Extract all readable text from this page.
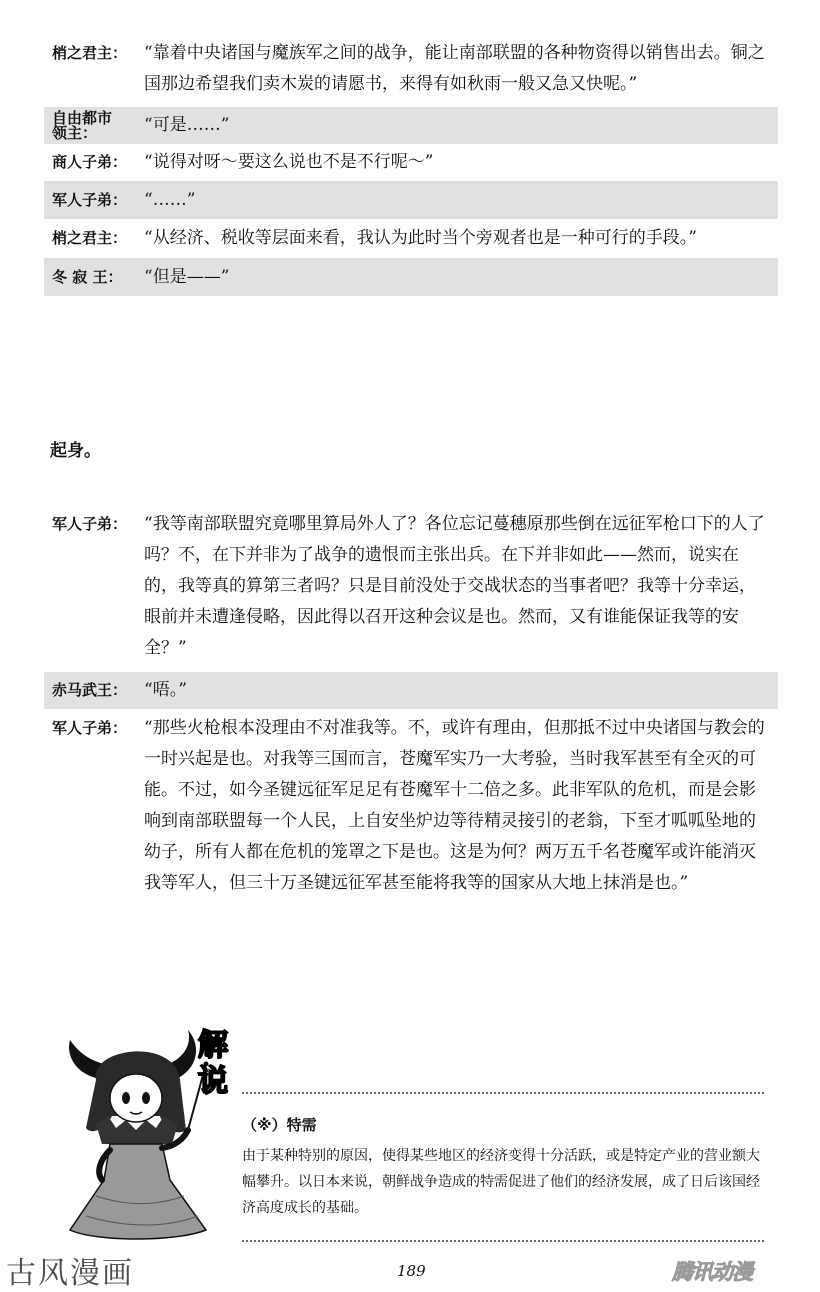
梢之君主： “靠着中央诸国与魔族军之间的战争，能让南部联盟的各种物资得以销售出去。铜之国那边希望我们卖木炭的请愿书，来得有如秋雨一般又急又快呢。”
自由都市
领主：	“可是……”
商人子弟： “说得对呀～要这么说也不是不行呢～”
军人子弟： “……”
梢之君主： “从经济、税收等层面来看，我认为此时当个旁观者也是一种可行的手段。”
冬 寂 王：	“但是——”
起身。
军人子弟： “我等南部联盟究竟哪里算局外人了？各位忘记蔓穗原那些倒在远征军枪口下的人了吗？不，在下并非为了战争的遗恨而主张出兵。在下并非如此——然而，说实在的，我等真的算第三者吗？只是目前没处于交战状态的当事者吧？我等十分幸运，眼前并未遭逢侵略，因此得以召开这种会议是也。然而，又有谁能保证我等的安全？”
赤马武王： “唔。”
军人子弟： “那些火枪根本没理由不对准我等。不，或许有理由，但那抵不过中央诸国与教会的一时兴起是也。对我等三国而言，苍魔军实乃一大考验，当时我军甚至有全灭的可能。不过，如今圣键远征军足足有苍魔军十二倍之多。此非军队的危机，而是会影响到南部联盟每一个人民，上自安坐炉边等待精灵接引的老翁，下至才呱呱坠地的幼子，所有人都在危机的笼罩之下是也。这是为何？两万五千名苍魔军或许能消灭我等军人，但三十万圣键远征军甚至能将我等的国家从大地上抹消是也。”
解说
（※）特需
由于某种特别的原因，使得某些地区的经济变得十分活跃，或是特定产业的营业额大幅攀升。以日本来说，朝鲜战争造成的特需促进了他们的经济发展，成了日后该国经济高度成长的基础。
古风漫画	189	腾讯动漫
